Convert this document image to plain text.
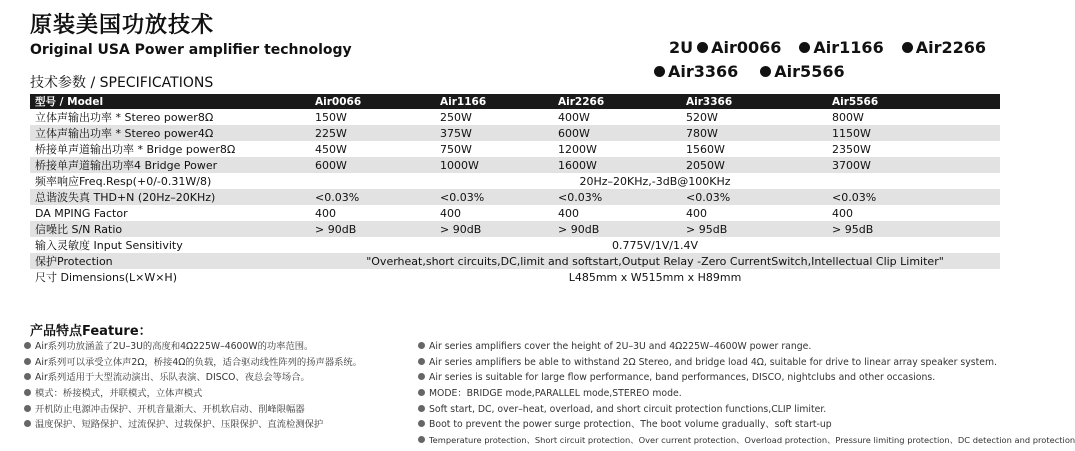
原装美国功放技术
Original USA Power amplifier technology
技术参数 / SPECIFICATIONS
2U	Air0066	Air1166	Air2266
Air3366	Air5566
型号 / Model	Air0066	Air1166	Air2266	Air3366	Air5566
立体声输出功率 * Stereo power8Ω	150W	250W	400W	520W	800W
立体声输出功率 * Stereo power4Ω	225W	375W	600W	780W	1150W
桥接单声道输出功率 * Bridge power8Ω	450W	750W	1200W	1560W	2350W
桥接单声道输出功率4 Bridge Power	600W	1000W	1600W	2050W	3700W
频率响应Freq.Resp(+0/-0.31W/8)	20Hz–20KHz,-3dB@100KHz				
总谐波失真 THD+N (20Hz–20KHz)	<0.03%	<0.03%	<0.03%	<0.03%	<0.03%
DA MPING Factor	400	400	400	400	400
信噪比 S/N Ratio	> 90dB	> 90dB	> 90dB	> 95dB	> 95dB
输入灵敏度 Input Sensitivity	0.775V/1V/1.4V				
保护Protection	"Overheat,short circuits,DC,limit and softstart,Output Relay -Zero CurrentSwitch,Intellectual Clip Limiter"				
尺寸 Dimensions(L×W×H)	L485mm x W515mm x H89mm				
产品特点Feature：
Air系列功放涵盖了2U–3U的高度和4Ω225W–4600W的功率范围。
Air系列可以承受立体声2Ω，桥接4Ω的负载，适合驱动线性阵列的扬声器系统。
Air系列适用于大型流动演出、乐队表演、DISCO、夜总会等场合。
模式：桥接模式，并联模式，立体声模式
开机防止电源冲击保护、开机音量渐大、开机软启动、削峰限幅器
温度保护、短路保护、过流保护、过载保护、压限保护、直流检测保护
Air series amplifiers cover the height of 2U–3U and 4Ω225W–4600W power range.
Air series amplifiers be able to withstand 2Ω Stereo, and bridge load 4Ω, suitable for drive to linear array speaker system.
Air series is suitable for large flow performance, band performances, DISCO, nightclubs and other occasions.
MODE：BRIDGE mode,PARALLEL mode,STEREO mode.
Soft start, DC, over–heat, overload, and short circuit protection functions,CLIP limiter.
Boot to prevent the power surge protection、The boot volume gradually、soft start-up
Temperature protection、Short circuit protection、Over current protection、Overload protection、Pressure limiting protection、DC detection and protection
